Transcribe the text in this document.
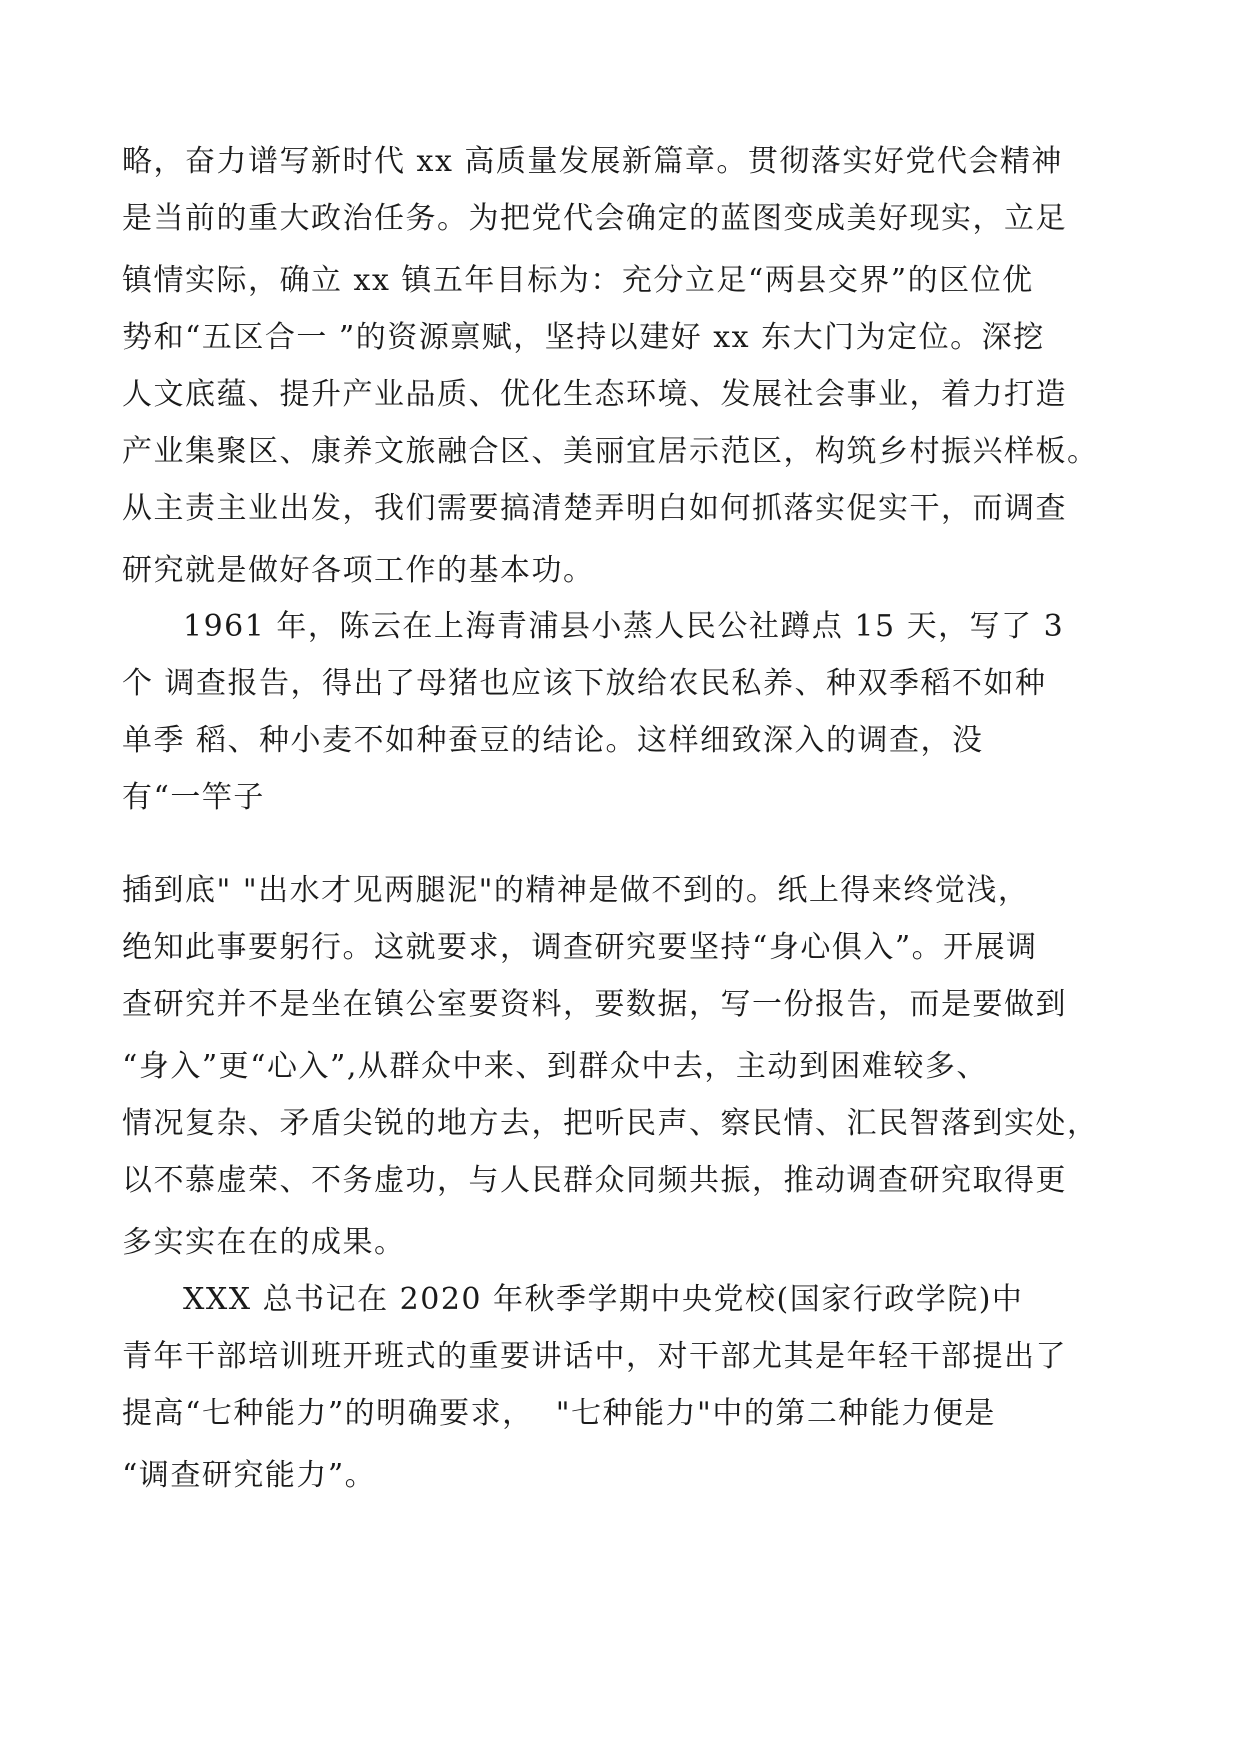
略，奋力谱写新时代 xx 高质量发展新篇章。贯彻落实好党代会精神

是当前的重大政治任务。为把党代会确定的蓝图变成美好现实，立足

镇情实际，确立 xx 镇五年目标为：充分立足“两县交界”的区位优

势和“五区合一 ”的资源禀赋，坚持以建好 xx 东大门为定位。深挖

人文底蕴、提升产业品质、优化生态环境、发展社会事业，着力打造

产业集聚区、康养文旅融合区、美丽宜居示范区，构筑乡村振兴样板。

从主责主业出发，我们需要搞清楚弄明白如何抓落实促实干，而调查

研究就是做好各项工作的基本功。

1961 年，陈云在上海青浦县小蒸人民公社蹲点 15 天，写了 3

个 调查报告，得出了母猪也应该下放给农民私养、种双季稻不如种

单季 稻、种小麦不如种蚕豆的结论。这样细致深入的调查，没

有“一竿子

插到底" "出水才见两腿泥"的精神是做不到的。纸上得来终觉浅，

绝知此事要躬行。这就要求，调查研究要坚持“身心俱入”。开展调

查研究并不是坐在镇公室要资料，要数据，写一份报告，而是要做到

“身入”更“心入”,从群众中来、到群众中去，主动到困难较多、

情况复杂、矛盾尖锐的地方去，把听民声、察民情、汇民智落到实处，

以不慕虚荣、不务虚功，与人民群众同频共振，推动调查研究取得更

多实实在在的成果。

XXX 总书记在 2020 年秋季学期中央党校(国家行政学院)中

青年干部培训班开班式的重要讲话中，对干部尤其是年轻干部提出了

提高“七种能力”的明确要求，  "七种能力"中的第二种能力便是

“调查研究能力”。
